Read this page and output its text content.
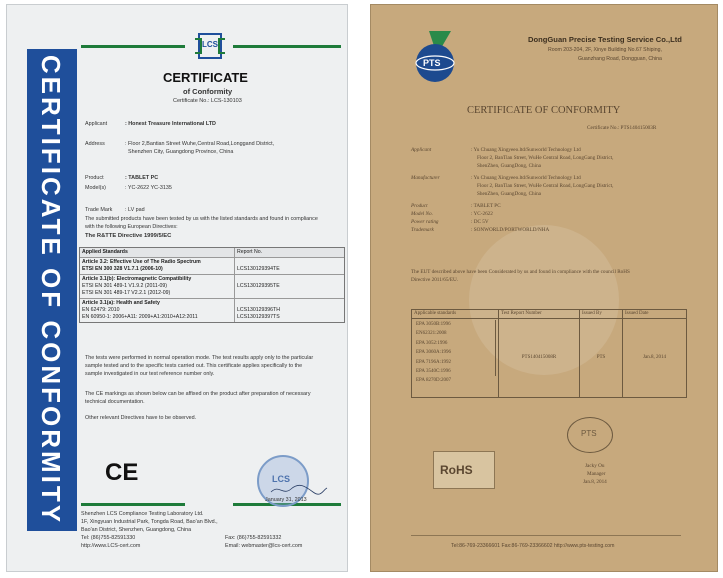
LCS
CERTIFICATE OF CONFORMITY	CERTIFICATE
of Conformity
Certificate No.: LCS-130103
Applicant	: Honest Treasure International LTD
Address	: Floor 2,Bantian Street Wuhe,Central Road,Longgand District,
Shenzhen City, Guangdong Province, China
Product	: TABLET PC
Model(s)	: YC-2622 YC-3135
Trade Mark : LV pad
The submitted products have been tested by us with the listed standards and found in compliance
with the following European Directives:
The R&TTE Directive 1999/5/EC
Applied Standards	Report No.
Article 3.2: Effective Use of The Radio Spectrum
ETSI EN 300 328 V1.7.1 (2006-10)	LCS130129394TE
Article 3.1(b): Electromagnetic Compatibility
ETSI EN 301 489-1 V1.9.2 (2011-09)
ETSI EN 301 489-17 V2.2.1 (2012-09)
LCS130129395TE
Article 3.1(a): Health and Safety
EN 62479: 2010
EN 60950-1: 2006+A11: 2009+A1:2010+A12:2011
LCS130129396TH
LCS130129397TS
The tests were performed in normal operation mode. The test results apply only to the particular
sample tested and to the specific tests carried out. This certificate applies specifically to the
sample investigated in our test reference number only.
The CE markings as shown below can be affixed on the product after preparation of necessary
technical documentation.
Other relevant Directives have to be observed.
CE	LCS
January 31, 2013
Shenzhen LCS Compliance Testing Laboratory Ltd.
1F, Xingyuan Industrial Park, Tongda Road, Bao'an Blvd.,
Bao'an District, Shenzhen, Guangdong, China
Tel: (86)755-82591330
http://www.LCS-cert.com
Fax: (86)755-82591332
Email: webmaster@lcs-cert.com
PTS
DongGuan Precise Testing Service Co.,Ltd
Room 203-204, 2F, Xinye Building No.67 Shiping,
Guanzhang Road, Dongguan, China
CERTIFICATE OF CONFORMITY
Certificate No.: PTS140415003R
Applicant	: Yu Chuang Xingyeeo.ltd/Sunworld Technology Ltd
Floor 2, BanTian Street, WuHe Central Road, LongGang District,
ShenZhen, GuangDong, China
Manufacturer	: Yu Chuang Xingyeeo.ltd/Sunworld Technology Ltd
Floor 2, BanTian Street, WuHe Central Road, LongGang District,
ShenZhen, GuangDong, China
Product	: TABLET PC
Model No.	: YC-2622
Power rating	: DC 5V
Trademark	: SONWORLD/PORTWORLD/NHA
The EUT described above have been Considerated by us and found in compliance with the council RoHS
Directive 2011/65/EU.
Applicable standards	Test Report Number	Issued By	Issued Date
EPA 3050B:1996
EN62321:2008
EPA 3052:1996
EPA 3060A:1996
EPA 7196A:1992
EPA 3540C:1996
EPA 8270D:2007
PTS140415008R	PTS	Jan.8, 2014
PTS
RoHS	Jacky Ou
Manager
Jan.8, 2014
Tel:86-769-23366601 Fax:86-769-23366602 http://www.pts-testing.com
